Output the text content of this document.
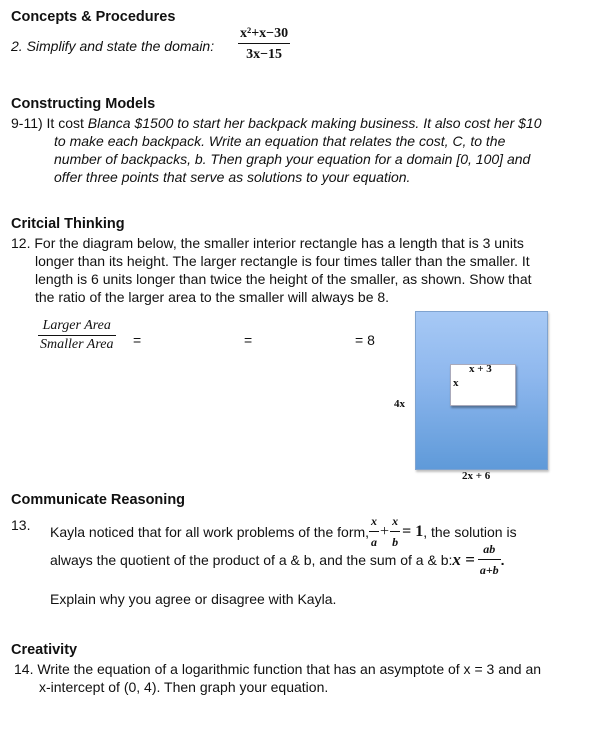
Concepts & Procedures
2. Simplify and state the domain: $\frac{\text{x²+x−30}}{3x-15}$
Constructing Models
9-11) It cost Blanca $1500 to start her backpack making business. It also cost her $10
to make each backpack. Write an equation that relates the cost, C, to the
number of backpacks, b. Then graph your equation for a domain [0, 100] and
offer three points that serve as solutions to your equation.
Critcial Thinking
12. For the diagram below, the smaller interior rectangle has a length that is 3 units
longer than its height. The larger rectangle is four times taller than the smaller. It
length is 6 units longer than twice the height of the smaller, as shown. Show that
the ratio of the larger area to the smaller will always be 8.
$\frac{\text{Larger Area}}{\text{Smaller Area}}$ =	=	= 8
x + 3
x
4x
2x + 6
Communicate Reasoning
13. Kayla noticed that for all work problems of the form, $\frac{x}{a} + \frac{x}{b} = 1$ , the solution is
always the quotient of the product of a & b, and the sum of a & b: $x = \frac{ab}{a+b}$ .
Explain why you agree or disagree with Kayla.
Creativity
14. Write the equation of a logarithmic function that has an asymptote of x = 3 and an
x-intercept of (0, 4). Then graph your equation.
